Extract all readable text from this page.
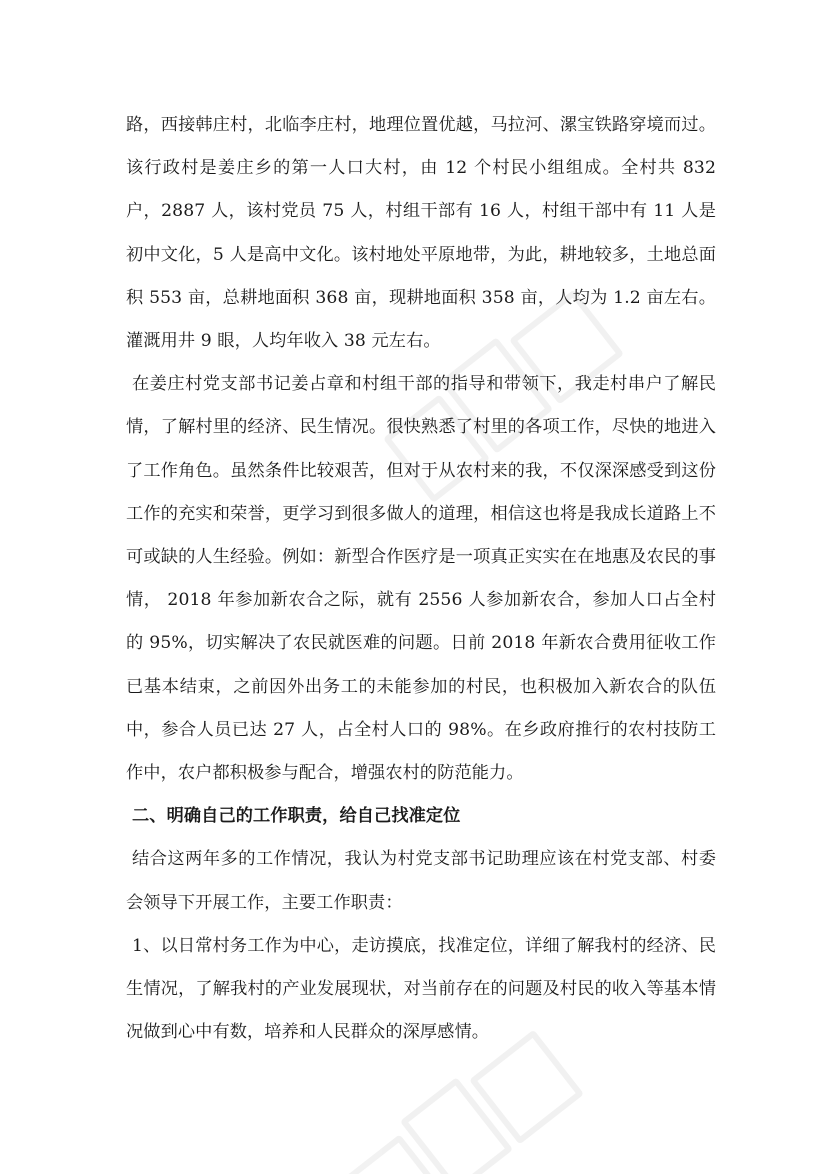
路，西接韩庄村，北临李庄村，地理位置优越，马拉河、漯宝铁路穿境而过。该行政村是姜庄乡的第一人口大村，由 12 个村民小组组成。全村共 832 户，2887 人，该村党员 75 人，村组干部有 16 人，村组干部中有 11 人是初中文化，5 人是高中文化。该村地处平原地带，为此，耕地较多，土地总面积 553 亩，总耕地面积 368 亩，现耕地面积 358 亩，人均为 1.2 亩左右。灌溉用井 9 眼，人均年收入 38 元左右。

在姜庄村党支部书记姜占章和村组干部的指导和带领下，我走村串户了解民情，了解村里的经济、民生情况。很快熟悉了村里的各项工作，尽快的地进入了工作角色。虽然条件比较艰苦，但对于从农村来的我，不仅深深感受到这份工作的充实和荣誉，更学习到很多做人的道理，相信这也将是我成长道路上不可或缺的人生经验。例如：新型合作医疗是一项真正实实在在地惠及农民的事情， 2018 年参加新农合之际，就有 2556 人参加新农合，参加人口占全村的 95%，切实解决了农民就医难的问题。日前 2018 年新农合费用征收工作已基本结束，之前因外出务工的未能参加的村民，也积极加入新农合的队伍中，参合人员已达 27 人，占全村人口的 98%。在乡政府推行的农村技防工作中，农户都积极参与配合，增强农村的防范能力。

二、明确自己的工作职责，给自己找准定位

结合这两年多的工作情况，我认为村党支部书记助理应该在村党支部、村委会领导下开展工作，主要工作职责：

1、以日常村务工作为中心，走访摸底，找准定位，详细了解我村的经济、民生情况，了解我村的产业发展现状，对当前存在的问题及村民的收入等基本情况做到心中有数，培养和人民群众的深厚感情。
